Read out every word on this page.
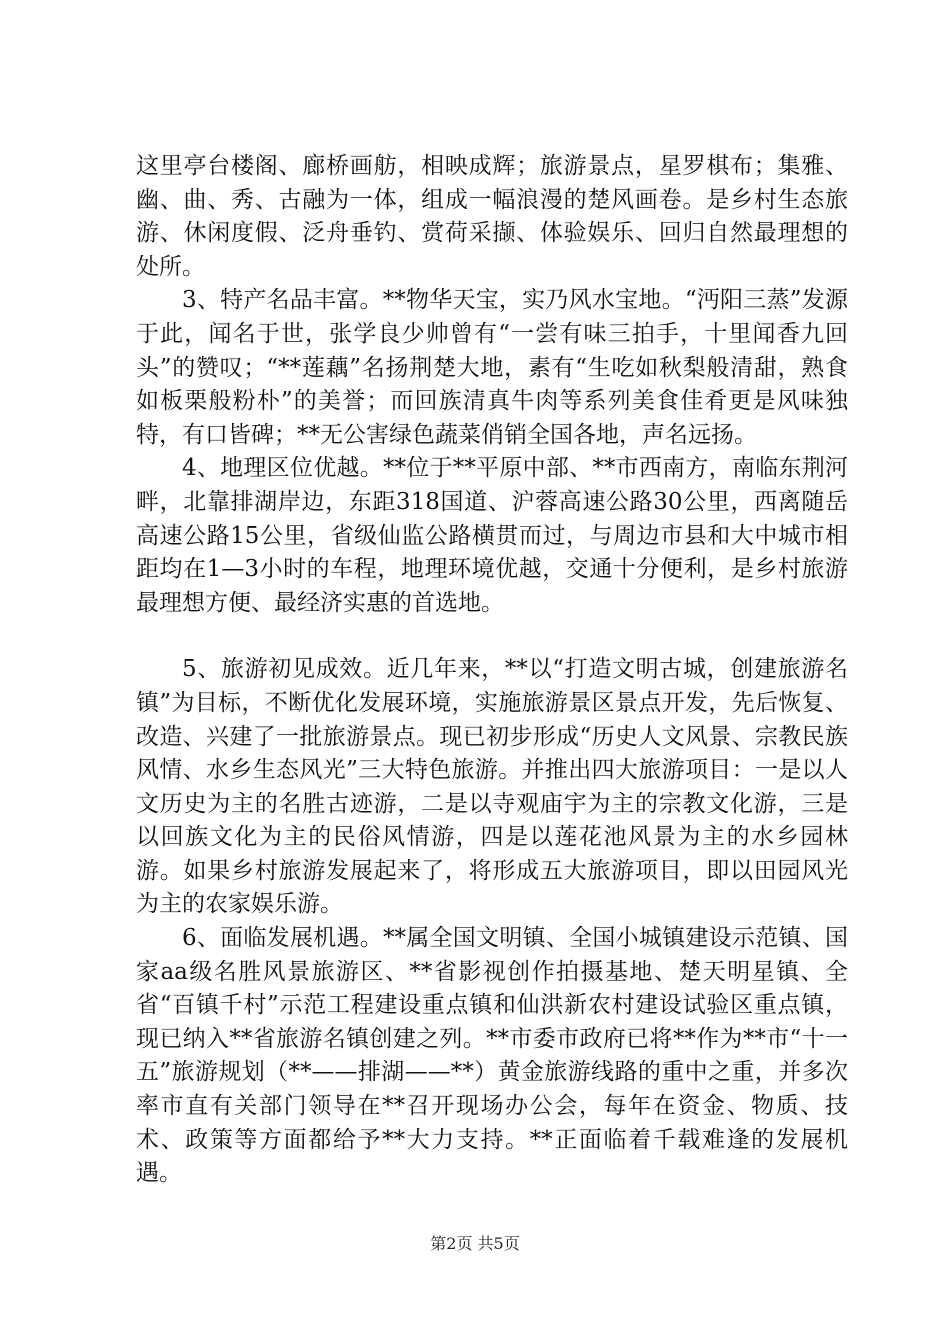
这里亭台楼阁、廊桥画舫，相映成辉；旅游景点，星罗棋布；集雅、幽、曲、秀、古融为一体，组成一幅浪漫的楚风画卷。是乡村生态旅游、休闲度假、泛舟垂钓、赏荷采撷、体验娱乐、回归自然最理想的处所。

3、特产名品丰富。**物华天宝，实乃风水宝地。“沔阳三蒸”发源于此，闻名于世，张学良少帅曾有“一尝有味三拍手，十里闻香九回头”的赞叹；“**莲藕”名扬荆楚大地，素有“生吃如秋梨般清甜，熟食如板栗般粉朴”的美誉；而回族清真牛肉等系列美食佳肴更是风味独特，有口皆碑；**无公害绿色蔬菜俏销全国各地，声名远扬。

4、地理区位优越。**位于**平原中部、**市西南方，南临东荆河畔，北靠排湖岸边，东距318国道、沪蓉高速公路30公里，西离随岳高速公路15公里，省级仙监公路横贯而过，与周边市县和大中城市相距均在1—3小时的车程，地理环境优越，交通十分便利，是乡村旅游最理想方便、最经济实惠的首选地。

5、旅游初见成效。近几年来，**以“打造文明古城，创建旅游名镇”为目标，不断优化发展环境，实施旅游景区景点开发，先后恢复、改造、兴建了一批旅游景点。现已初步形成“历史人文风景、宗教民族风情、水乡生态风光”三大特色旅游。并推出四大旅游项目：一是以人文历史为主的名胜古迹游，二是以寺观庙宇为主的宗教文化游，三是以回族文化为主的民俗风情游，四是以莲花池风景为主的水乡园林游。如果乡村旅游发展起来了，将形成五大旅游项目，即以田园风光为主的农家娱乐游。

6、面临发展机遇。**属全国文明镇、全国小城镇建设示范镇、国家aa级名胜风景旅游区、**省影视创作拍摄基地、楚天明星镇、全省“百镇千村”示范工程建设重点镇和仙洪新农村建设试验区重点镇，现已纳入**省旅游名镇创建之列。**市委市政府已将**作为**市“十一五”旅游规划（**——排湖——**）黄金旅游线路的重中之重，并多次率市直有关部门领导在**召开现场办公会，每年在资金、物质、技术、政策等方面都给予**大力支持。**正面临着千载难逢的发展机遇。

第2页 共5页
